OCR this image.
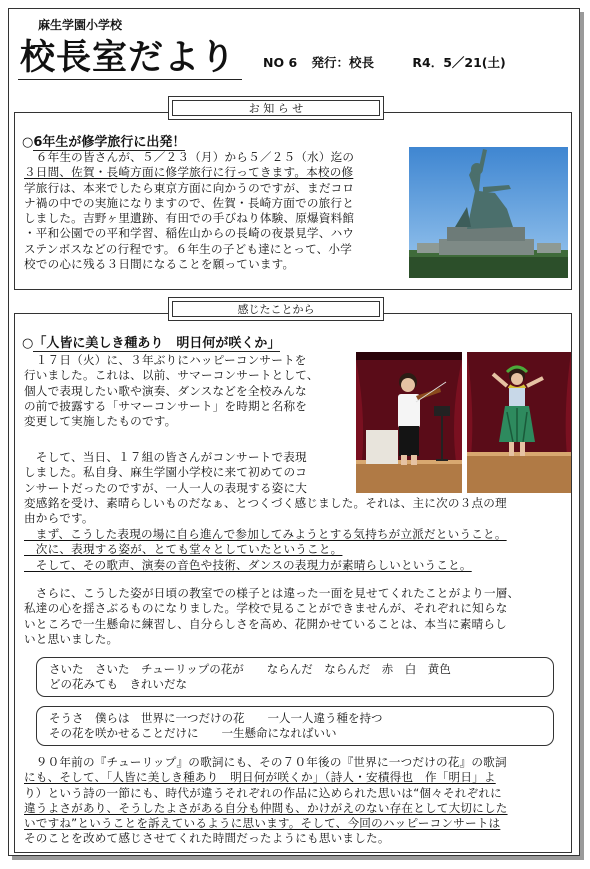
麻生学園小学校
校長室だより NO 6 発行：校長	R4．5／21(土)
お 知 ら せ
○6年生が修学旅行に出発！

　６年生の皆さんが、５／２３（月）から５／２５（水）迄の

３日間、佐賀・長崎方面に修学旅行に行ってきます。本校の修

学旅行は、本来でしたら東京方面に向かうのですが、まだコロ

ナ禍の中での実施になりますので、佐賀・長崎方面での旅行と

しました。吉野ヶ里遺跡、有田での手びねり体験、原爆資料館

・平和公園での平和学習、稲佐山からの長崎の夜景見学、ハウ

ステンボスなどの行程です。６年生の子ども達にとって、小学

校での心に残る３日間になることを願っています。

感じたことから
○「人皆に美しき種あり　明日何が咲くか」

　１７日（火）に、３年ぶりにハッピーコンサートを

行いました。これは、以前、サマーコンサートとして、

個人で表現したい歌や演奏、ダンスなどを全校みんな

の前で披露する「サマーコンサート」を時期と名称を

変更して実施したものです。

　そして、当日、１７組の皆さんがコンサートで表現

しました。私自身、麻生学園小学校に来て初めてのコ

ンサートだったのですが、一人一人の表現する姿に大

変感銘を受け、素晴らしいものだなぁ、とつくづく感じました。それは、主に次の３点の理

由からです。

　まず、こうした表現の場に自ら進んで参加してみようとする気持ちが立派だということ。

　次に、表現する姿が、とても堂々としていたということ。

　そして、その歌声、演奏の音色や技術、ダンスの表現力が素晴らしいということ。

　さらに、こうした姿が日頃の教室での様子とは違った一面を見せてくれたことがより一層、

私達の心を揺さぶるものになりました。学校で見ることができませんが、それぞれに知らな

いところで一生懸命に練習し、自分らしさを高め、花開かせていることは、本当に素晴らし

いと思いました。

さいた　さいた　チューリップの花が　　ならんだ　ならんだ　赤　白　黄色

どの花みても　きれいだな

そうさ　僕らは　世界に一つだけの花　　一人一人違う種を持つ

その花を咲かせることだけに　　一生懸命になればいい

　９０年前の『チューリップ』の歌詞にも、その７０年後の『世界に一つだけの花』の歌詞

にも、そして、「人皆に美しき種あり　明日何が咲くか」（詩人・安積得也　作「明日」よ

り）という詩の一節にも、時代が違うそれぞれの作品に込められた思いは“個々それぞれに

違うよさがあり、そうしたよさがある自分も仲間も、かけがえのない存在として大切にした

いですね”ということを訴えているように思います。そして、今回のハッピーコンサートは

そのことを改めて感じさせてくれた時間だったようにも思いました。
